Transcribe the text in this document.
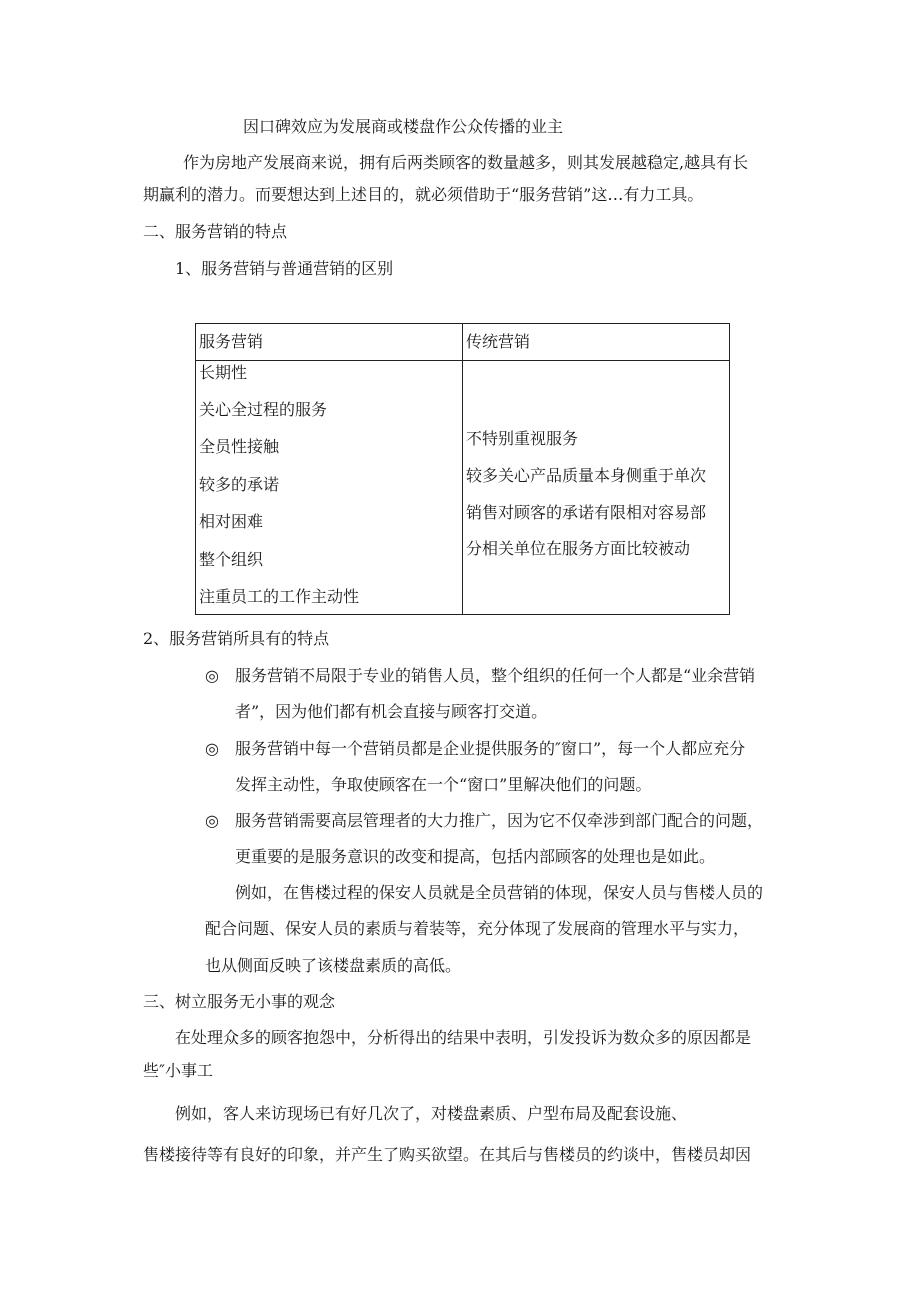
因口碑效应为发展商或楼盘作公众传播的业主
作为房地产发展商来说，拥有后两类顾客的数量越多，则其发展越稳定,越具有长
期赢利的潜力。而要想达到上述目的，就必须借助于“服务营销”这…有力工具。
二、服务营销的特点
1、服务营销与普通营销的区别
服务营销	传统营销
长期性
关心全过程的服务
全员性接触
较多的承诺
相对困难
整个组织
注重员工的工作主动性
不特别重视服务
较多关心产品质量本身侧重于单次
销售对顾客的承诺有限相对容易部
分相关单位在服务方面比较被动
2、服务营销所具有的特点
◎ 服务营销不局限于专业的销售人员，整个组织的任何一个人都是“业余营销
者”，因为他们都有机会直接与顾客打交道。
◎ 服务营销中每一个营销员都是企业提供服务的″窗口”，每一个人都应充分
发挥主动性，争取使顾客在一个“窗口”里解决他们的问题。
◎ 服务营销需要高层管理者的大力推广，因为它不仅牵涉到部门配合的问题，
更重要的是服务意识的改变和提高，包括内部顾客的处理也是如此。
例如，在售楼过程的保安人员就是全员营销的体现，保安人员与售楼人员的
配合问题、保安人员的素质与着装等，充分体现了发展商的管理水平与实力，
也从侧面反映了该楼盘素质的高低。
三、树立服务无小事的观念
在处理众多的顾客抱怨中，分析得出的结果中表明，引发投诉为数众多的原因都是
些″小事工
例如，客人来访现场已有好几次了，对楼盘素质、户型布局及配套设施、
售楼接待等有良好的印象，并产生了购买欲望。在其后与售楼员的约谈中，售楼员却因
